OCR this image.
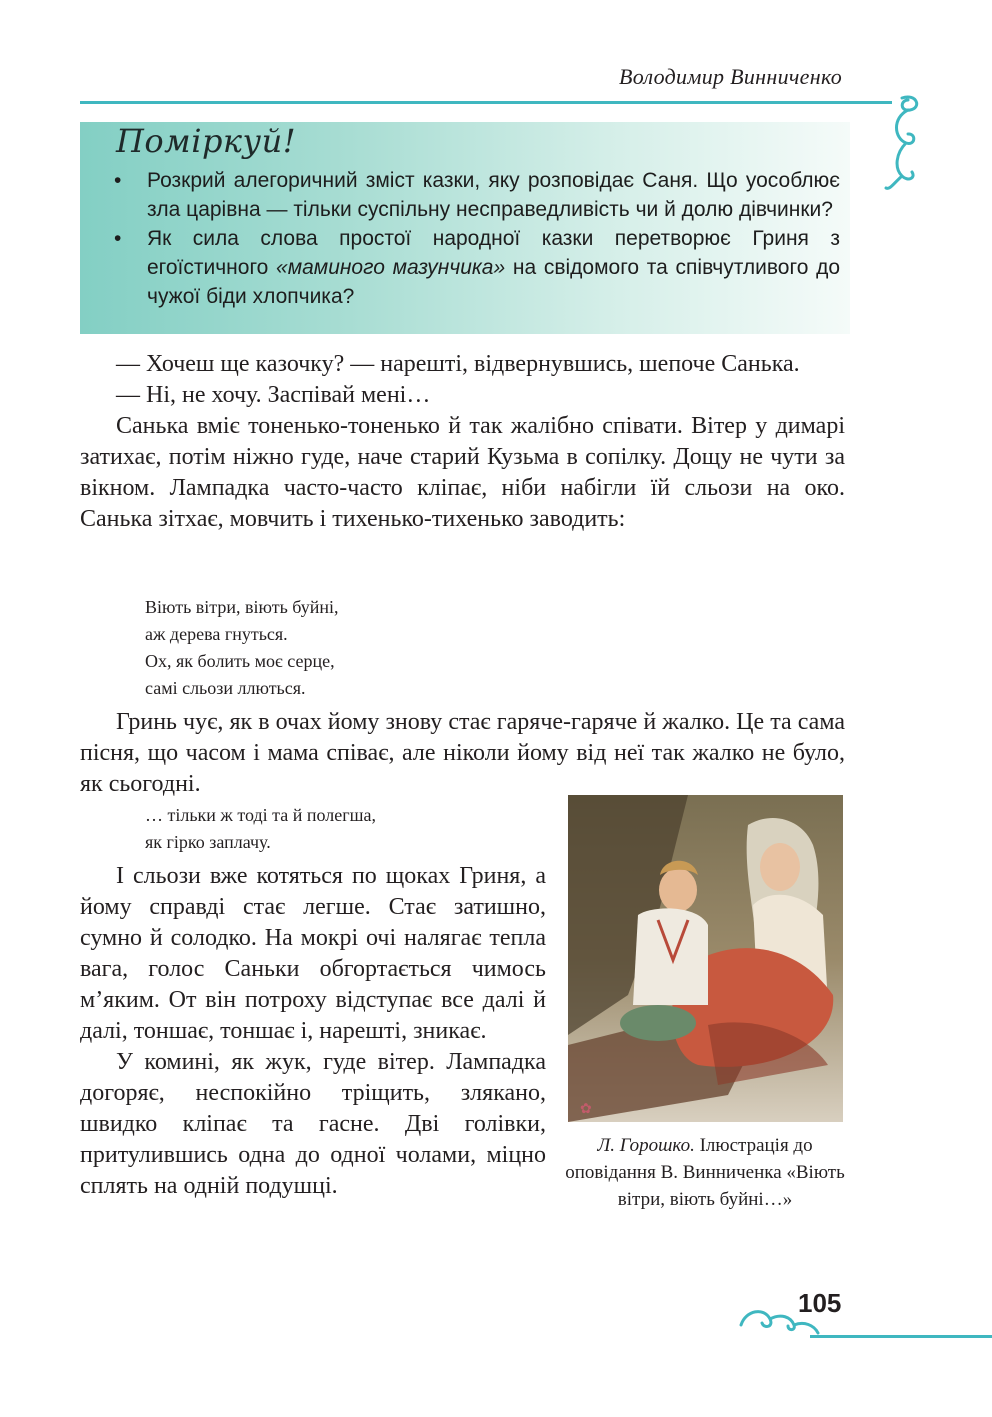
Володимир Винниченко
Поміркуй!
• Розкрий алегоричний зміст казки, яку розповідає Саня. Що уособлює зла царівна — тільки суспільну несправедливість чи й долю дівчинки?
• Як сила слова простої народної казки перетворює Гриня з егоїстичного «маминого мазунчика» на свідомого та співчутливого до чужої біди хлопчика?

— Хочеш ще казочку? — нарешті, відвернувшись, шепоче Санька.

— Ні, не хочу. Заспівай мені…

Санька вміє тоненько-тоненько й так жалібно співати. Вітер у димарі затихає, потім ніжно гуде, наче старий Кузьма в сопілку. Дощу не чути за вікном. Лампадка часто-часто кліпає, ніби набігли їй сльози на око. Санька зітхає, мовчить і тихенько-тихенько заводить:

Віють вітри, віють буйні,
аж дерева гнуться.
Ох, як болить моє серце,
самі сльози ллються.

Гринь чує, як в очах йому знову стає гаряче-гаряче й жалко. Це та сама пісня, що часом і мама співає, але ніколи йому від неї так жалко не було, як сьогодні.

… тільки ж тоді та й полегша,
як гірко заплачу.

І сльози вже котяться по щоках Гриня, а йому справді стає легше. Стає затишно, сумно й солодко. На мокрі очі налягає тепла вага, голос Саньки обгортається чимось м’яким. От він потроху відступає все далі й далі, тоншає, тоншає і, нарешті, зникає.

У комині, як жук, гуде вітер. Лампадка догоряє, неспокійно тріщить, злякано, швидко кліпає та гасне. Дві голівки, притулившись одна до одної чолами, міцно сплять на одній подушці.

✿
Л. Горошко. Ілюстрація до оповідання В. Винниченка «Віють вітри, віють буйні…»
105
